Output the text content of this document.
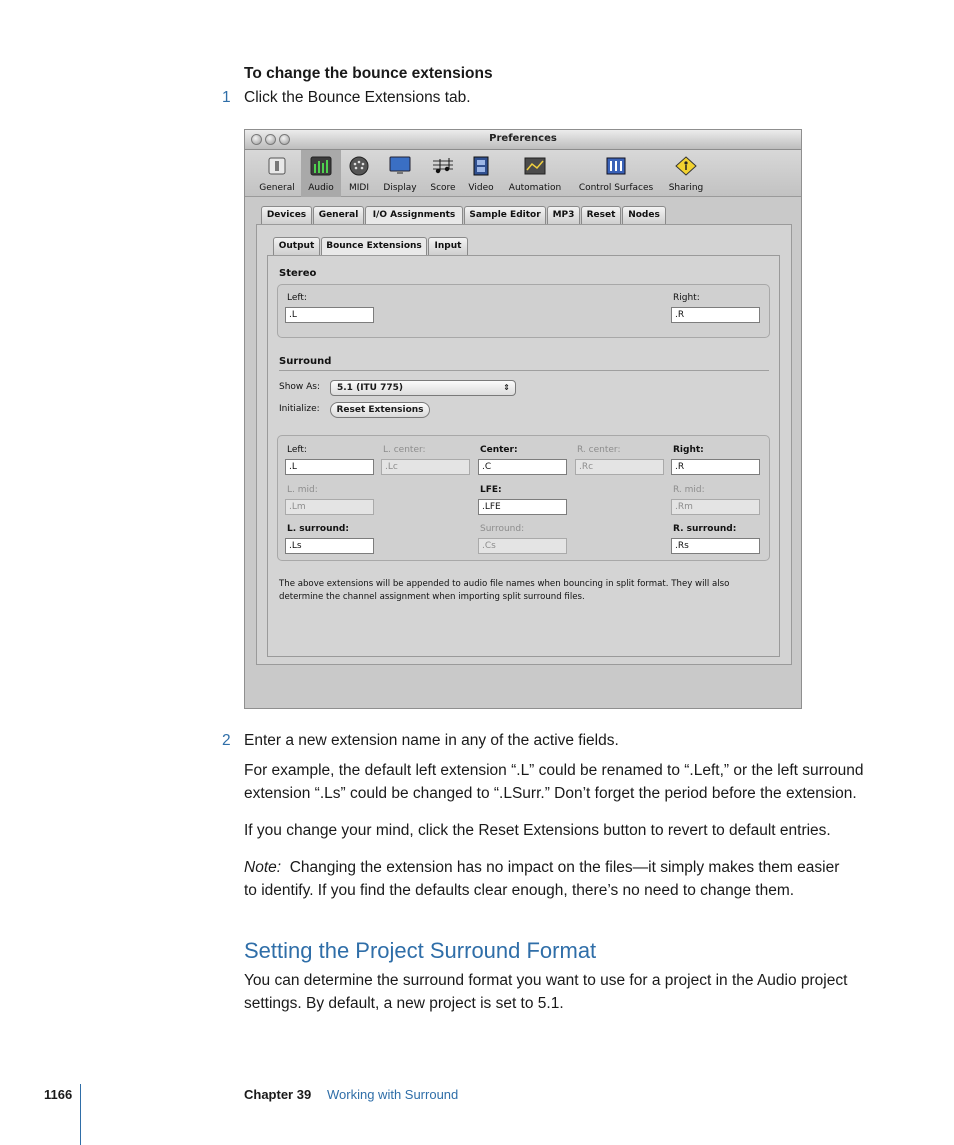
To change the bounce extensions
1 Click the Bounce Extensions tab.
Preferences
General	Audio	MIDI	Display	Score	Video	Automation	Control Surfaces	Sharing
Devices	General	I/O Assignments	Sample Editor	MP3	Reset	Nodes
Output	Bounce Extensions	Input
Stereo
Left:
.L
Right:
.R
Surround
Show As:	5.1 (ITU 775)	⇕
Initialize:	Reset Extensions
Left:
.L
L. center:
.Lc
Center:
.C
R. center:
.Rc
Right:
.R
L. mid:
.Lm
LFE:
.LFE
R. mid:
.Rm
L. surround:
.Ls
Surround:
.Cs
R. surround:
.Rs
The above extensions will be appended to audio file names when bouncing in split format. They will also
determine the channel assignment when importing split surround files.
2 Enter a new extension name in any of the active fields.
For example, the default left extension “.L” could be renamed to “.Left,” or the left surround
extension “.Ls” could be changed to “.LSurr.” Don’t forget the period before the extension.
If you change your mind, click the Reset Extensions button to revert to default entries.
Note: Changing the extension has no impact on the files—it simply makes them easier
to identify. If you find the defaults clear enough, there’s no need to change them.
Setting the Project Surround Format
You can determine the surround format you want to use for a project in the Audio project
settings. By default, a new project is set to 5.1.
1166	Chapter 39 Working with Surround
